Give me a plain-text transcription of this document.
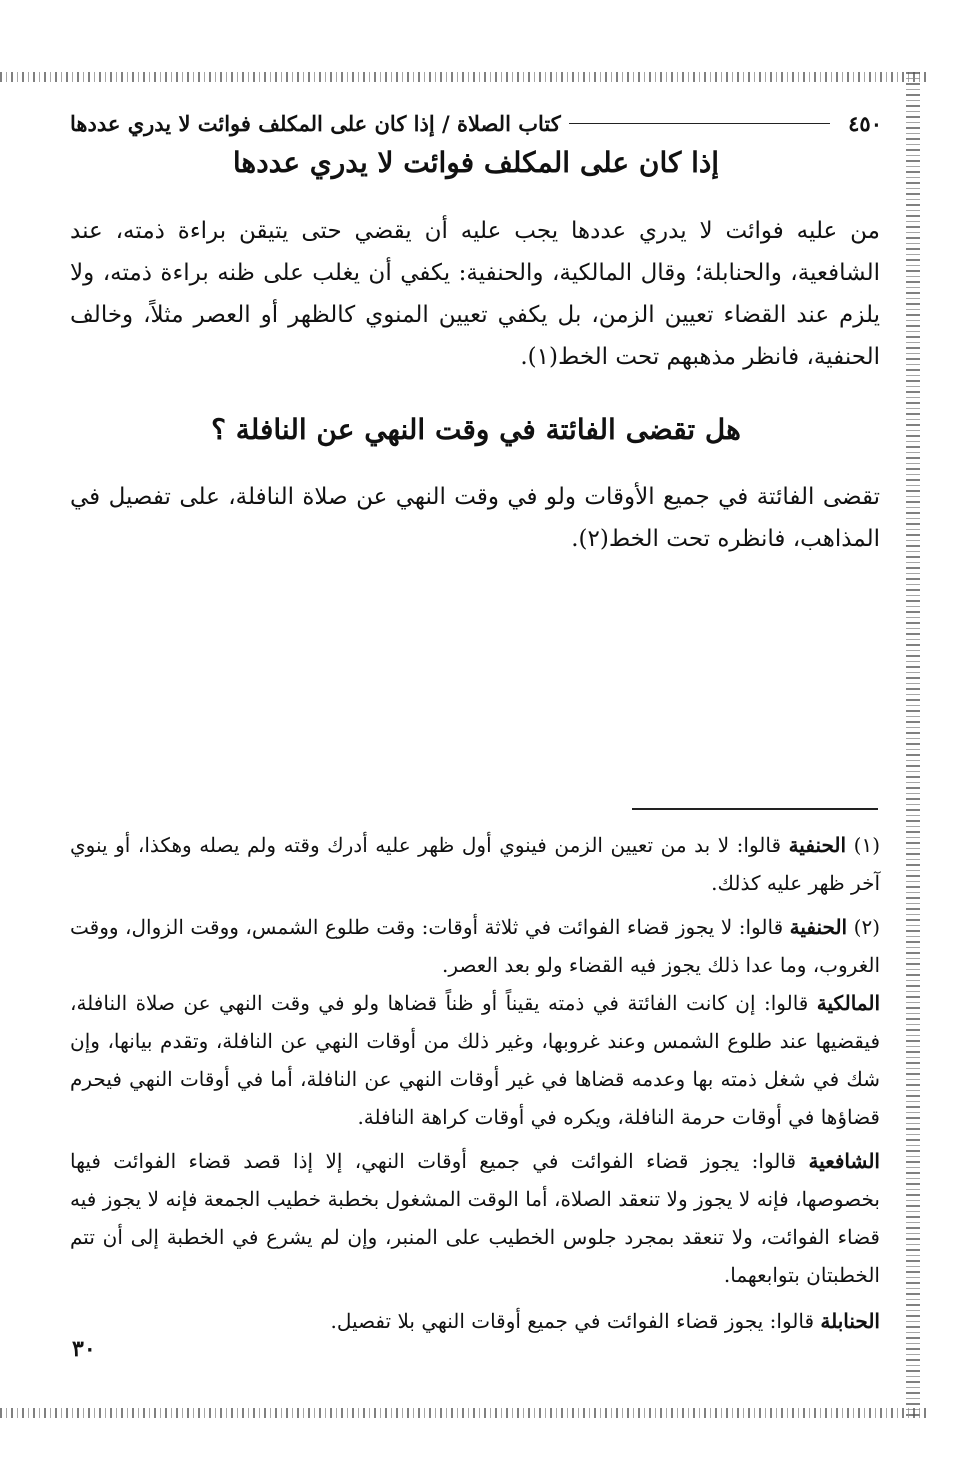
٤٥٠
كتاب الصلاة / إذا كان على المكلف فوائت لا يدري عددها
إذا كان على المكلف فوائت لا يدري عددها
من عليه فوائت لا يدري عددها يجب عليه أن يقضي حتى يتيقن براءة ذمته، عند الشافعية، والحنابلة؛ وقال المالكية، والحنفية: يكفي أن يغلب على ظنه براءة ذمته، ولا يلزم عند القضاء تعيين الزمن، بل يكفي تعيين المنوي كالظهر أو العصر مثلاً، وخالف الحنفية، فانظر مذهبهم تحت الخط(١).
هل تقضى الفائتة في وقت النهي عن النافلة ؟
تقضى الفائتة في جميع الأوقات ولو في وقت النهي عن صلاة النافلة، على تفصيل في المذاهب، فانظره تحت الخط(٢).
(١) الحنفية قالوا: لا بد من تعيين الزمن فينوي أول ظهر عليه أدرك وقته ولم يصله وهكذا، أو ينوي آخر ظهر عليه كذلك.
(٢) الحنفية قالوا: لا يجوز قضاء الفوائت في ثلاثة أوقات: وقت طلوع الشمس، ووقت الزوال، ووقت الغروب، وما عدا ذلك يجوز فيه القضاء ولو بعد العصر.
المالكية قالوا: إن كانت الفائتة في ذمته يقيناً أو ظناً قضاها ولو في وقت النهي عن صلاة النافلة، فيقضيها عند طلوع الشمس وعند غروبها، وغير ذلك من أوقات النهي عن النافلة، وتقدم بيانها، وإن شك في شغل ذمته بها وعدمه قضاها في غير أوقات النهي عن النافلة، أما في أوقات النهي فيحرم قضاؤها في أوقات حرمة النافلة، ويكره في أوقات كراهة النافلة.
الشافعية قالوا: يجوز قضاء الفوائت في جميع أوقات النهي، إلا إذا قصد قضاء الفوائت فيها بخصوصها، فإنه لا يجوز ولا تنعقد الصلاة، أما الوقت المشغول بخطبة خطيب الجمعة فإنه لا يجوز فيه قضاء الفوائت، ولا تنعقد بمجرد جلوس الخطيب على المنبر، وإن لم يشرع في الخطبة إلى أن تتم الخطبتان بتوابعهما.
الحنابلة قالوا: يجوز قضاء الفوائت في جميع أوقات النهي بلا تفصيل.
٣٠
